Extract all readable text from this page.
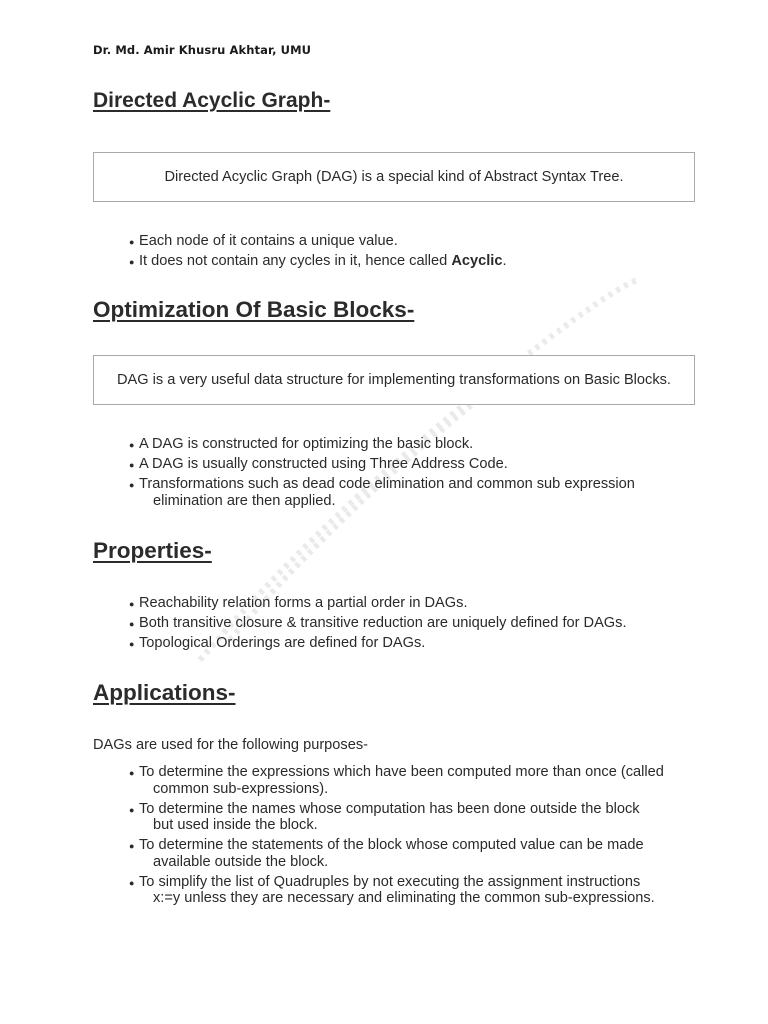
Dr. Md. Amir Khusru Akhtar, UMU
Directed Acyclic Graph-
Directed Acyclic Graph (DAG) is a special kind of Abstract Syntax Tree.
● Each node of it contains a unique value.
● It does not contain any cycles in it, hence called Acyclic.
Optimization Of Basic Blocks-
DAG is a very useful data structure for implementing transformations on Basic Blocks.
● A DAG is constructed for optimizing the basic block.
● A DAG is usually constructed using Three Address Code.
● Transformations such as dead code elimination and common sub expression
elimination are then applied.
Properties-
● Reachability relation forms a partial order in DAGs.
● Both transitive closure & transitive reduction are uniquely defined for DAGs.
● Topological Orderings are defined for DAGs.
Applications-
DAGs are used for the following purposes-
● To determine the expressions which have been computed more than once (called
common sub-expressions).
● To determine the names whose computation has been done outside the block
but used inside the block.
● To determine the statements of the block whose computed value can be made
available outside the block.
● To simplify the list of Quadruples by not executing the assignment instructions
x:=y unless they are necessary and eliminating the common sub-expressions.
